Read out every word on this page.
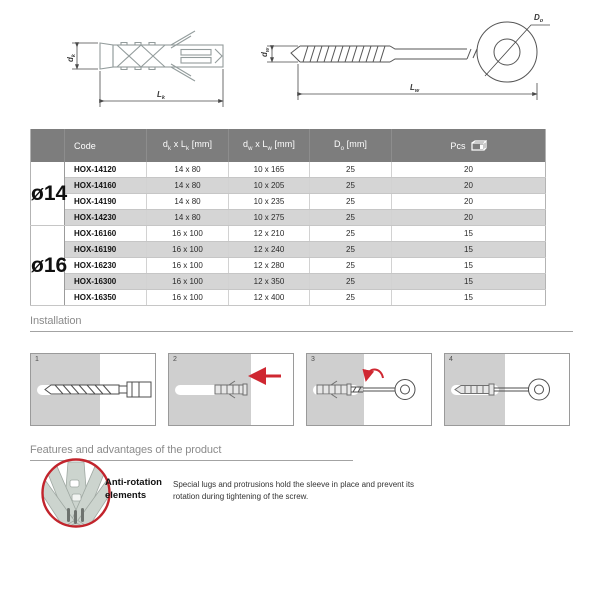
$d_k$
$L_k$
$d_w$
$L_w$
$D_o$
	Code	$d_k$ x $L_k$ [mm]	$d_w$ x $L_w$ [mm]	$D_o$ [mm]	Pcs

ø14	HOX-14120	14 x 80	10 x 165	25	20
	HOX-14160	14 x 80	10 x 205	25	20
	HOX-14190	14 x 80	10 x 235	25	20
	HOX-14230	14 x 80	10 x 275	25	20
ø16	HOX-16160	16 x 100	12 x 210	25	15
	HOX-16190	16 x 100	12 x 240	25	15
	HOX-16230	16 x 100	12 x 280	25	15
	HOX-16300	16 x 100	12 x 350	25	15
	HOX-16350	16 x 100	12 x 400	25	15
Installation
1	2	3	4
Features and advantages of the product
Anti-rotation elements
Special lugs and protrusions hold the sleeve in place and prevent its rotation during tightening of the screw.
